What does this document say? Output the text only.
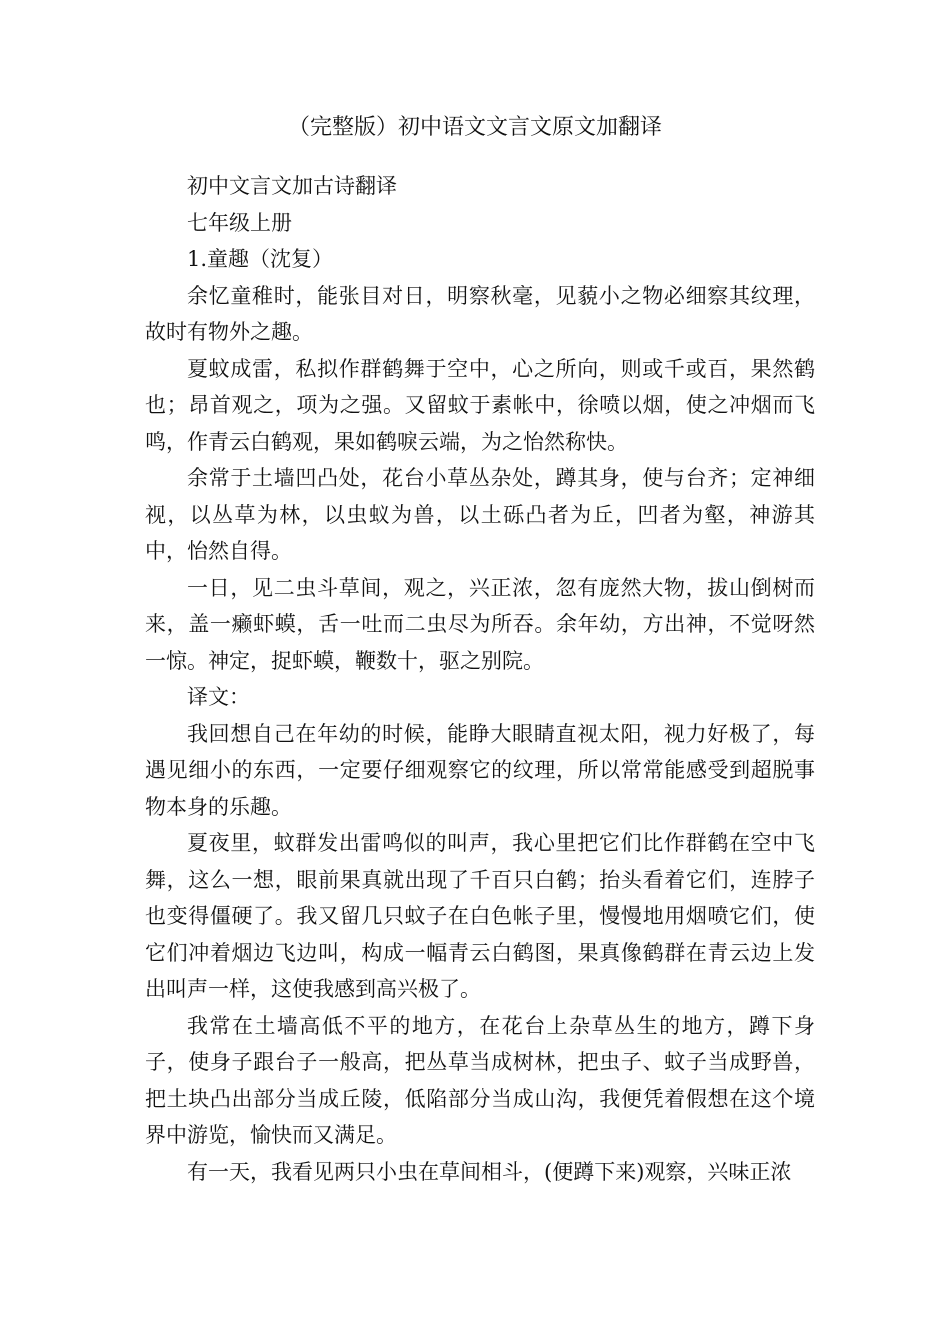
（完整版）初中语文文言文原文加翻译

初中文言文加古诗翻译

七年级上册

1.童趣（沈复）

余忆童稚时，能张目对日，明察秋毫，见藐小之物必细察其纹理，故时有物外之趣。

夏蚊成雷，私拟作群鹤舞于空中，心之所向，则或千或百，果然鹤也；昂首观之，项为之强。又留蚊于素帐中，徐喷以烟，使之冲烟而飞鸣，作青云白鹤观，果如鹤唳云端，为之怡然称快。

余常于土墙凹凸处，花台小草丛杂处，蹲其身，使与台齐；定神细视，以丛草为林，以虫蚁为兽，以土砾凸者为丘，凹者为壑，神游其中，怡然自得。

一日，见二虫斗草间，观之，兴正浓，忽有庞然大物，拔山倒树而来，盖一癞虾蟆，舌一吐而二虫尽为所吞。余年幼，方出神，不觉呀然一惊。神定，捉虾蟆，鞭数十，驱之别院。

译文：

我回想自己在年幼的时候，能睁大眼睛直视太阳，视力好极了，每遇见细小的东西，一定要仔细观察它的纹理，所以常常能感受到超脱事物本身的乐趣。

夏夜里，蚊群发出雷鸣似的叫声，我心里把它们比作群鹤在空中飞舞，这么一想，眼前果真就出现了千百只白鹤；抬头看着它们，连脖子也变得僵硬了。我又留几只蚊子在白色帐子里，慢慢地用烟喷它们，使它们冲着烟边飞边叫，构成一幅青云白鹤图，果真像鹤群在青云边上发出叫声一样，这使我感到高兴极了。

我常在土墙高低不平的地方，在花台上杂草丛生的地方，蹲下身子，使身子跟台子一般高，把丛草当成树林，把虫子、蚊子当成野兽，把土块凸出部分当成丘陵，低陷部分当成山沟，我便凭着假想在这个境界中游览，愉快而又满足。

有一天，我看见两只小虫在草间相斗，(便蹲下来)观察，兴味正浓
